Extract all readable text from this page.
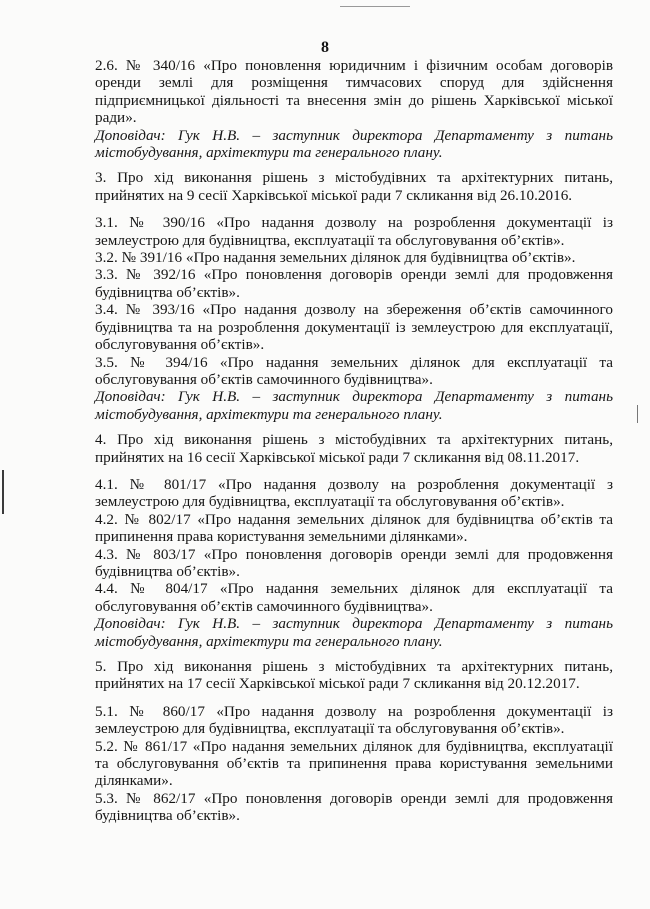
8

2.6. № 340/16 «Про поновлення юридичним і фізичним особам договорів оренди землі для розміщення тимчасових споруд для здійснення підприємницької діяльності та внесення змін до рішень Харківської міської ради».

Доповідач: Гук Н.В. – заступник директора Департаменту з питань містобудування, архітектури та генерального плану.

3. Про хід виконання рішень з містобудівних та архітектурних питань, прийнятих на 9 сесії Харківської міської ради 7 скликання від 26.10.2016.

3.1. № 390/16 «Про надання дозволу на розроблення документації із землеустрою для будівництва, експлуатації та обслуговування об’єктів».

3.2. № 391/16 «Про надання земельних ділянок для будівництва об’єктів».

3.3. № 392/16 «Про поновлення договорів оренди землі для продовження будівництва об’єктів».

3.4. № 393/16 «Про надання дозволу на збереження об’єктів самочинного будівництва та на розроблення документації із землеустрою для експлуатації, обслуговування об’єктів».

3.5. № 394/16 «Про надання земельних ділянок для експлуатації та обслуговування об’єктів самочинного будівництва».

Доповідач: Гук Н.В. – заступник директора Департаменту з питань містобудування, архітектури та генерального плану.

4. Про хід виконання рішень з містобудівних та архітектурних питань, прийнятих на 16 сесії Харківської міської ради 7 скликання від 08.11.2017.

4.1. № 801/17 «Про надання дозволу на розроблення документації з землеустрою для будівництва, експлуатації та обслуговування об’єктів».

4.2. № 802/17 «Про надання земельних ділянок для будівництва об’єктів та припинення права користування земельними ділянками».

4.3. № 803/17 «Про поновлення договорів оренди землі для продовження будівництва об’єктів».

4.4. № 804/17 «Про надання земельних ділянок для експлуатації та обслуговування об’єктів самочинного будівництва».

Доповідач: Гук Н.В. – заступник директора Департаменту з питань містобудування, архітектури та генерального плану.

5. Про хід виконання рішень з містобудівних та архітектурних питань, прийнятих на 17 сесії Харківської міської ради 7 скликання від 20.12.2017.

5.1. № 860/17 «Про надання дозволу на розроблення документації із землеустрою для будівництва, експлуатації та обслуговування об’єктів».

5.2. № 861/17 «Про надання земельних ділянок для будівництва, експлуатації та обслуговування об’єктів та припинення права користування земельними ділянками».

5.3. № 862/17 «Про поновлення договорів оренди землі для продовження будівництва об’єктів».
